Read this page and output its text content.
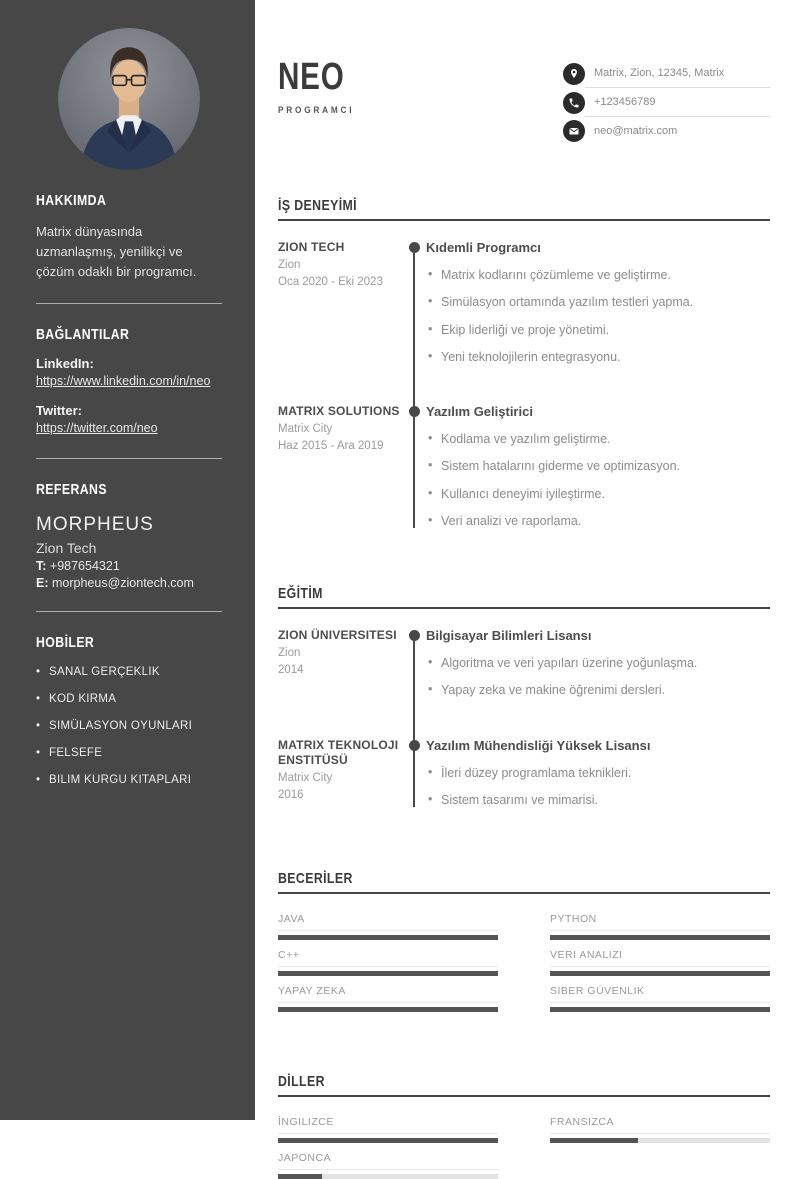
HAKKIMDA

Matrix dünyasında uzmanlaşmış, yenilikçi ve çözüm odaklı bir programcı.

BAĞLANTILAR
LinkedIn:
https://www.linkedin.com/in/neo
Twitter:
https://twitter.com/neo
REFERANS
MORPHEUS
Zion Tech
T: +987654321
E: morpheus@ziontech.com
HOBİLER
• SANAL GERÇEKLIK
• KOD KIRMA
• SIMÜLASYON OYUNLARI
• FELSEFE
• BILIM KURGU KITAPLARI
NEO
PROGRAMCI
Matrix, Zion, 12345, Matrix
+123456789
neo@matrix.com
İŞ DENEYİMİ
ZION TECH
Zion
Oca 2020 - Eki 2023
Kıdemli Programcı
• Matrix kodlarını çözümleme ve geliştirme.
• Simülasyon ortamında yazılım testleri yapma.
• Ekip liderliği ve proje yönetimi.
• Yeni teknolojilerin entegrasyonu.
MATRIX SOLUTIONS
Matrix City
Haz 2015 - Ara 2019
Yazılım Geliştirici
• Kodlama ve yazılım geliştirme.
• Sistem hatalarını giderme ve optimizasyon.
• Kullanıcı deneyimi iyileştirme.
• Veri analizi ve raporlama.
EĞİTİM
ZION ÜNIVERSITESI
Zion
2014
Bilgisayar Bilimleri Lisansı
• Algoritma ve veri yapıları üzerine yoğunlaşma.
• Yapay zeka ve makine öğrenimi dersleri.
MATRIX TEKNOLOJI ENSTITÜSÜ
Matrix City
2016
Yazılım Mühendisliği Yüksek Lisansı
• İleri düzey programlama teknikleri.
• Sistem tasarımı ve mimarisi.
BECERİLER
JAVA	PYTHON
C++	VERI ANALIZI
YAPAY ZEKA	SIBER GÜVENLIK
DİLLER
İNGILIZCE	FRANSIZCA
JAPONCA
